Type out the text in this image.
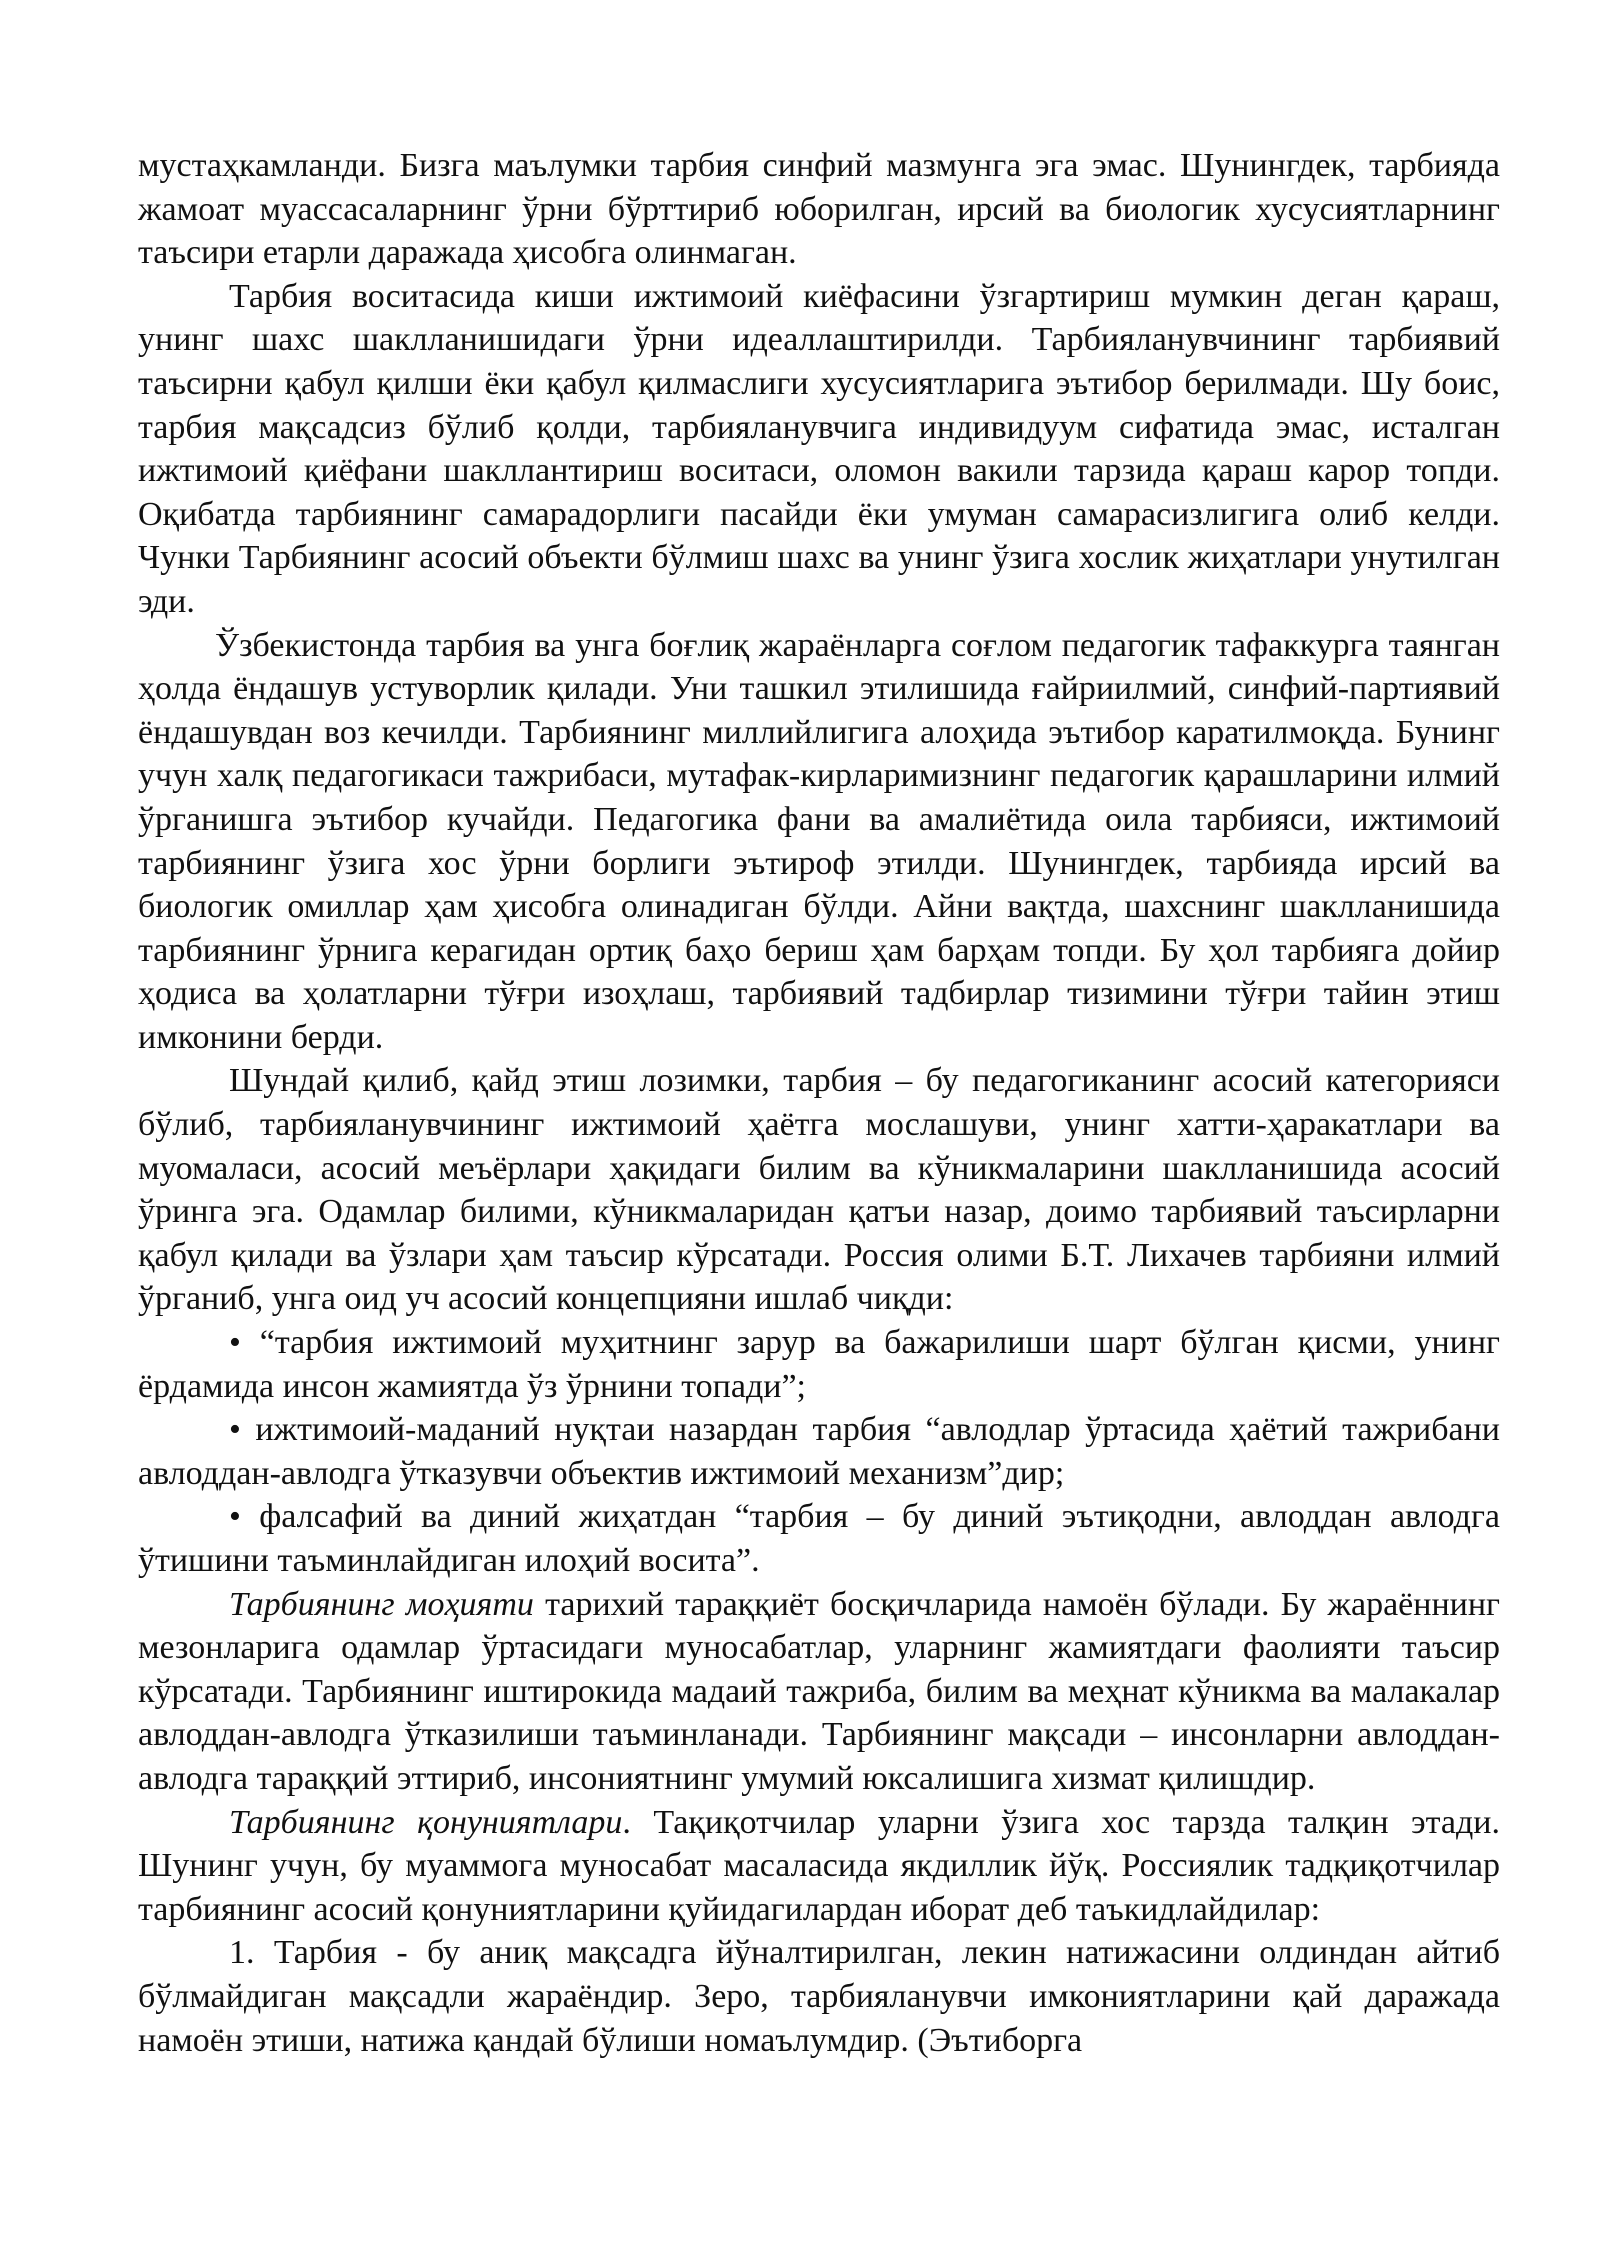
мустаҳкамланди. Бизга маълумки тарбия синфий мазмунга эга эмас. Шунингдек, тарбияда жамоат муассасаларнинг ўрни бўрттириб юборилган, ирсий ва биологик хусусиятларнинг таъсири етарли даражада ҳисобга олинмаган.

Тарбия воситасида киши ижтимоий киёфасини ўзгартириш мумкин деган қараш, унинг шахс шаклланишидаги ўрни идеаллаштирилди. Тарбияланувчининг тарбиявий таъсирни қабул қилши ёки қабул қилмаслиги хусусиятларига эътибор берилмади. Шу боис, тарбия мақсадсиз бўлиб қолди, тарбияланувчига индивидуум сифатида эмас, исталган ижтимоий қиёфани шакллантириш воситаси, оломон вакили тарзида қараш карор топди. Оқибатда тарбиянинг самарадорлиги пасайди ёки умуман самарасизлигига олиб келди. Чунки Тарбиянинг асосий объекти бўлмиш шахс ва унинг ўзига хослик жиҳатлари унутилган эди.

Ўзбекистонда тарбия ва унга боғлиқ жараёнларга соғлом педагогик тафаккурга таянган ҳолда ёндашув устуворлик қилади. Уни ташкил этилишида ғайриилмий, синфий-партиявий ёндашувдан воз кечилди. Тарбиянинг миллийлигига алоҳида эътибор каратилмоқда. Бунинг учун халқ педагогикаси тажрибаси, мутафак-кирларимизнинг педагогик қарашларини илмий ўрганишга эътибор кучайди. Педагогика фани ва амалиётида оила тарбияси, ижтимоий тарбиянинг ўзига хос ўрни борлиги эътироф этилди. Шунингдек, тарбияда ирсий ва биологик омиллар ҳам ҳисобга олинадиган бўлди. Айни вақтда, шахснинг шаклланишида тарбиянинг ўрнига керагидан ортиқ баҳо бериш ҳам барҳам топди. Бу ҳол тарбияга дойир ҳодиса ва ҳолатларни тўғри изоҳлаш, тарбиявий тадбирлар тизимини тўғри тайин этиш имконини берди.

Шундай қилиб, қайд этиш лозимки, тарбия – бу педагогиканинг асосий категорияси бўлиб, тарбияланувчининг ижтимоий ҳаётга мослашуви, унинг хатти-ҳаракатлари ва муомаласи, асосий меъёрлари ҳақидаги билим ва кўникмаларини шаклланишида асосий ўринга эга. Одамлар билими, кўникмаларидан қатъи назар, доимо тарбиявий таъсирларни қабул қилади ва ўзлари ҳам таъсир кўрсатади. Россия олими Б.Т. Лихачев тарбияни илмий ўрганиб, унга оид уч асосий концепцияни ишлаб чиқди:

• “тарбия ижтимоий муҳитнинг зарур ва бажарилиши шарт бўлган қисми, унинг ёрдамида инсон жамиятда ўз ўрнини топади”;

• ижтимоий-маданий нуқтаи назардан тарбия “авлодлар ўртасида ҳаётий тажрибани авлоддан-авлодга ўтказувчи объектив ижтимоий механизм”дир;

• фалсафий ва диний жиҳатдан “тарбия – бу диний эътиқодни, авлоддан авлодга ўтишини таъминлайдиган илоҳий восита”.

Тарбиянинг моҳияти тарихий тараққиёт босқичларида намоён бўлади. Бу жараённинг мезонларига одамлар ўртасидаги муносабатлар, уларнинг жамиятдаги фаолияти таъсир кўрсатади. Тарбиянинг иштирокида мадаий тажриба, билим ва меҳнат кўникма ва малакалар авлоддан-авлодга ўтказилиши таъминланади. Тарбиянинг мақсади – инсонларни авлоддан-авлодга тараққий эттириб, инсониятнинг умумий юксалишига хизмат қилишдир.

Тарбиянинг қонуниятлари. Тақиқотчилар уларни ўзига хос тарзда талқин этади. Шунинг учун, бу муаммога муносабат масаласида якдиллик йўқ. Россиялик тадқиқотчилар тарбиянинг асосий қонуниятларини қуйидагилардан иборат деб таъкидлайдилар:

1. Тарбия - бу аниқ мақсадга йўналтирилган, лекин натижасини олдиндан айтиб бўлмайдиган мақсадли жараёндир. Зеро, тарбияланувчи имкониятларини қай даражада намоён этиши, натижа қандай бўлиши номаълумдир. (Эътиборга
